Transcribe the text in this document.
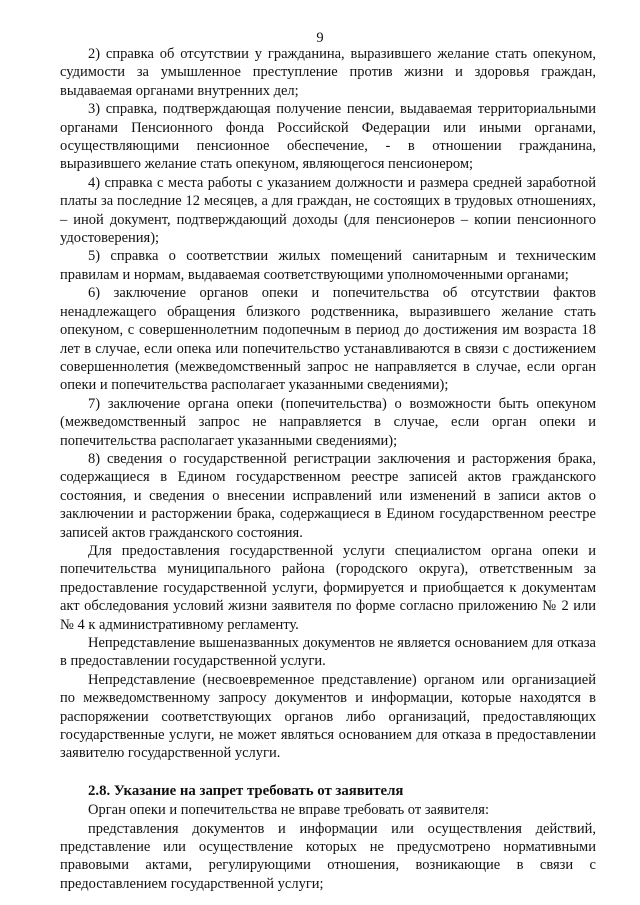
9

2) справка об отсутствии у гражданина, выразившего желание стать опекуном, судимости за умышленное преступление против жизни и здоровья граждан, выдаваемая органами внутренних дел;

3) справка, подтверждающая получение пенсии, выдаваемая территориальными органами Пенсионного фонда Российской Федерации или иными органами, осуществляющими пенсионное обеспечение, - в отношении гражданина, выразившего желание стать опекуном, являющегося пенсионером;

4) справка с места работы с указанием должности и размера средней заработной платы за последние 12 месяцев, а для граждан, не состоящих в трудовых отношениях, – иной документ, подтверждающий доходы (для пенсионеров – копии пенсионного удостоверения);

5) справка о соответствии жилых помещений санитарным и техническим правилам и нормам, выдаваемая соответствующими уполномоченными органами;

6) заключение органов опеки и попечительства об отсутствии фактов ненадлежащего обращения близкого родственника, выразившего желание стать опекуном, с совершеннолетним подопечным в период до достижения им возраста 18 лет в случае, если опека или попечительство устанавливаются в связи с достижением совершеннолетия (межведомственный запрос не направляется в случае, если орган опеки и попечительства располагает указанными сведениями);

7) заключение органа опеки (попечительства) о возможности быть опекуном (межведомственный запрос не направляется в случае, если орган опеки и попечительства располагает указанными сведениями);

8) сведения о государственной регистрации заключения и расторжения брака, содержащиеся в Едином государственном реестре записей актов гражданского состояния, и сведения о внесении исправлений или изменений в записи актов о заключении и расторжении брака, содержащиеся в Едином государственном реестре записей актов гражданского состояния.

Для предоставления государственной услуги специалистом органа опеки и попечительства муниципального района (городского округа), ответственным за предоставление государственной услуги, формируется и приобщается к документам акт обследования условий жизни заявителя по форме согласно приложению № 2 или № 4 к административному регламенту.

Непредставление вышеназванных документов не является основанием для отказа в предоставлении государственной услуги.

Непредставление (несвоевременное представление) органом или организацией по межведомственному запросу документов и информации, которые находятся в распоряжении соответствующих органов либо организаций, предоставляющих государственные услуги, не может являться основанием для отказа в предоставлении заявителю государственной услуги.

2.8. Указание на запрет требовать от заявителя

Орган опеки и попечительства не вправе требовать от заявителя:

представления документов и информации или осуществления действий, представление или осуществление которых не предусмотрено нормативными правовыми актами, регулирующими отношения, возникающие в связи с предоставлением государственной услуги;
